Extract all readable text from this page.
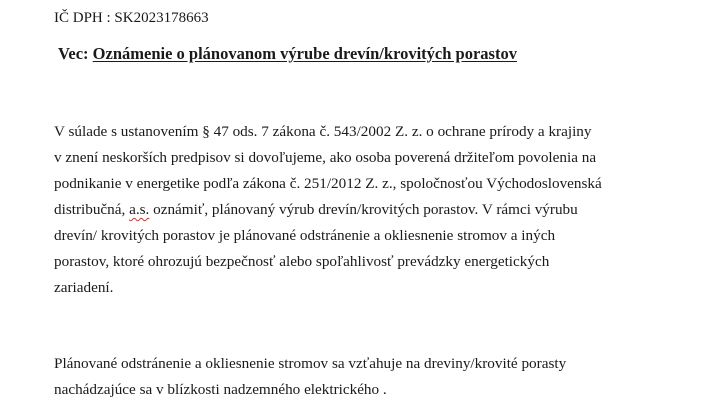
IČ DPH : SK2023178663
Vec: Oznámenie o plánovanom výrube drevín/krovitých porastov
V súlade s ustanovením § 47 ods. 7 zákona č. 543/2002 Z. z. o ochrane prírody a krajiny
v znení neskorších predpisov si dovoľujeme, ako osoba poverená držiteľom povolenia na
podnikanie v energetike podľa zákona č. 251/2012 Z. z., spoločnosťou Východoslovenská
distribučná, a.s. oznámiť, plánovaný výrub drevín/krovitých porastov. V rámci výrubu
drevín/ krovitých porastov je plánované odstránenie a okliesnenie stromov a iných
porastov, ktoré ohrozujú bezpečnosť alebo spoľahlivosť prevádzky energetických
zariadení.
Plánované odstránenie a okliesnenie stromov sa vzťahuje na dreviny/krovité porasty
nachádzajúce sa v blízkosti nadzemného elektrického .
